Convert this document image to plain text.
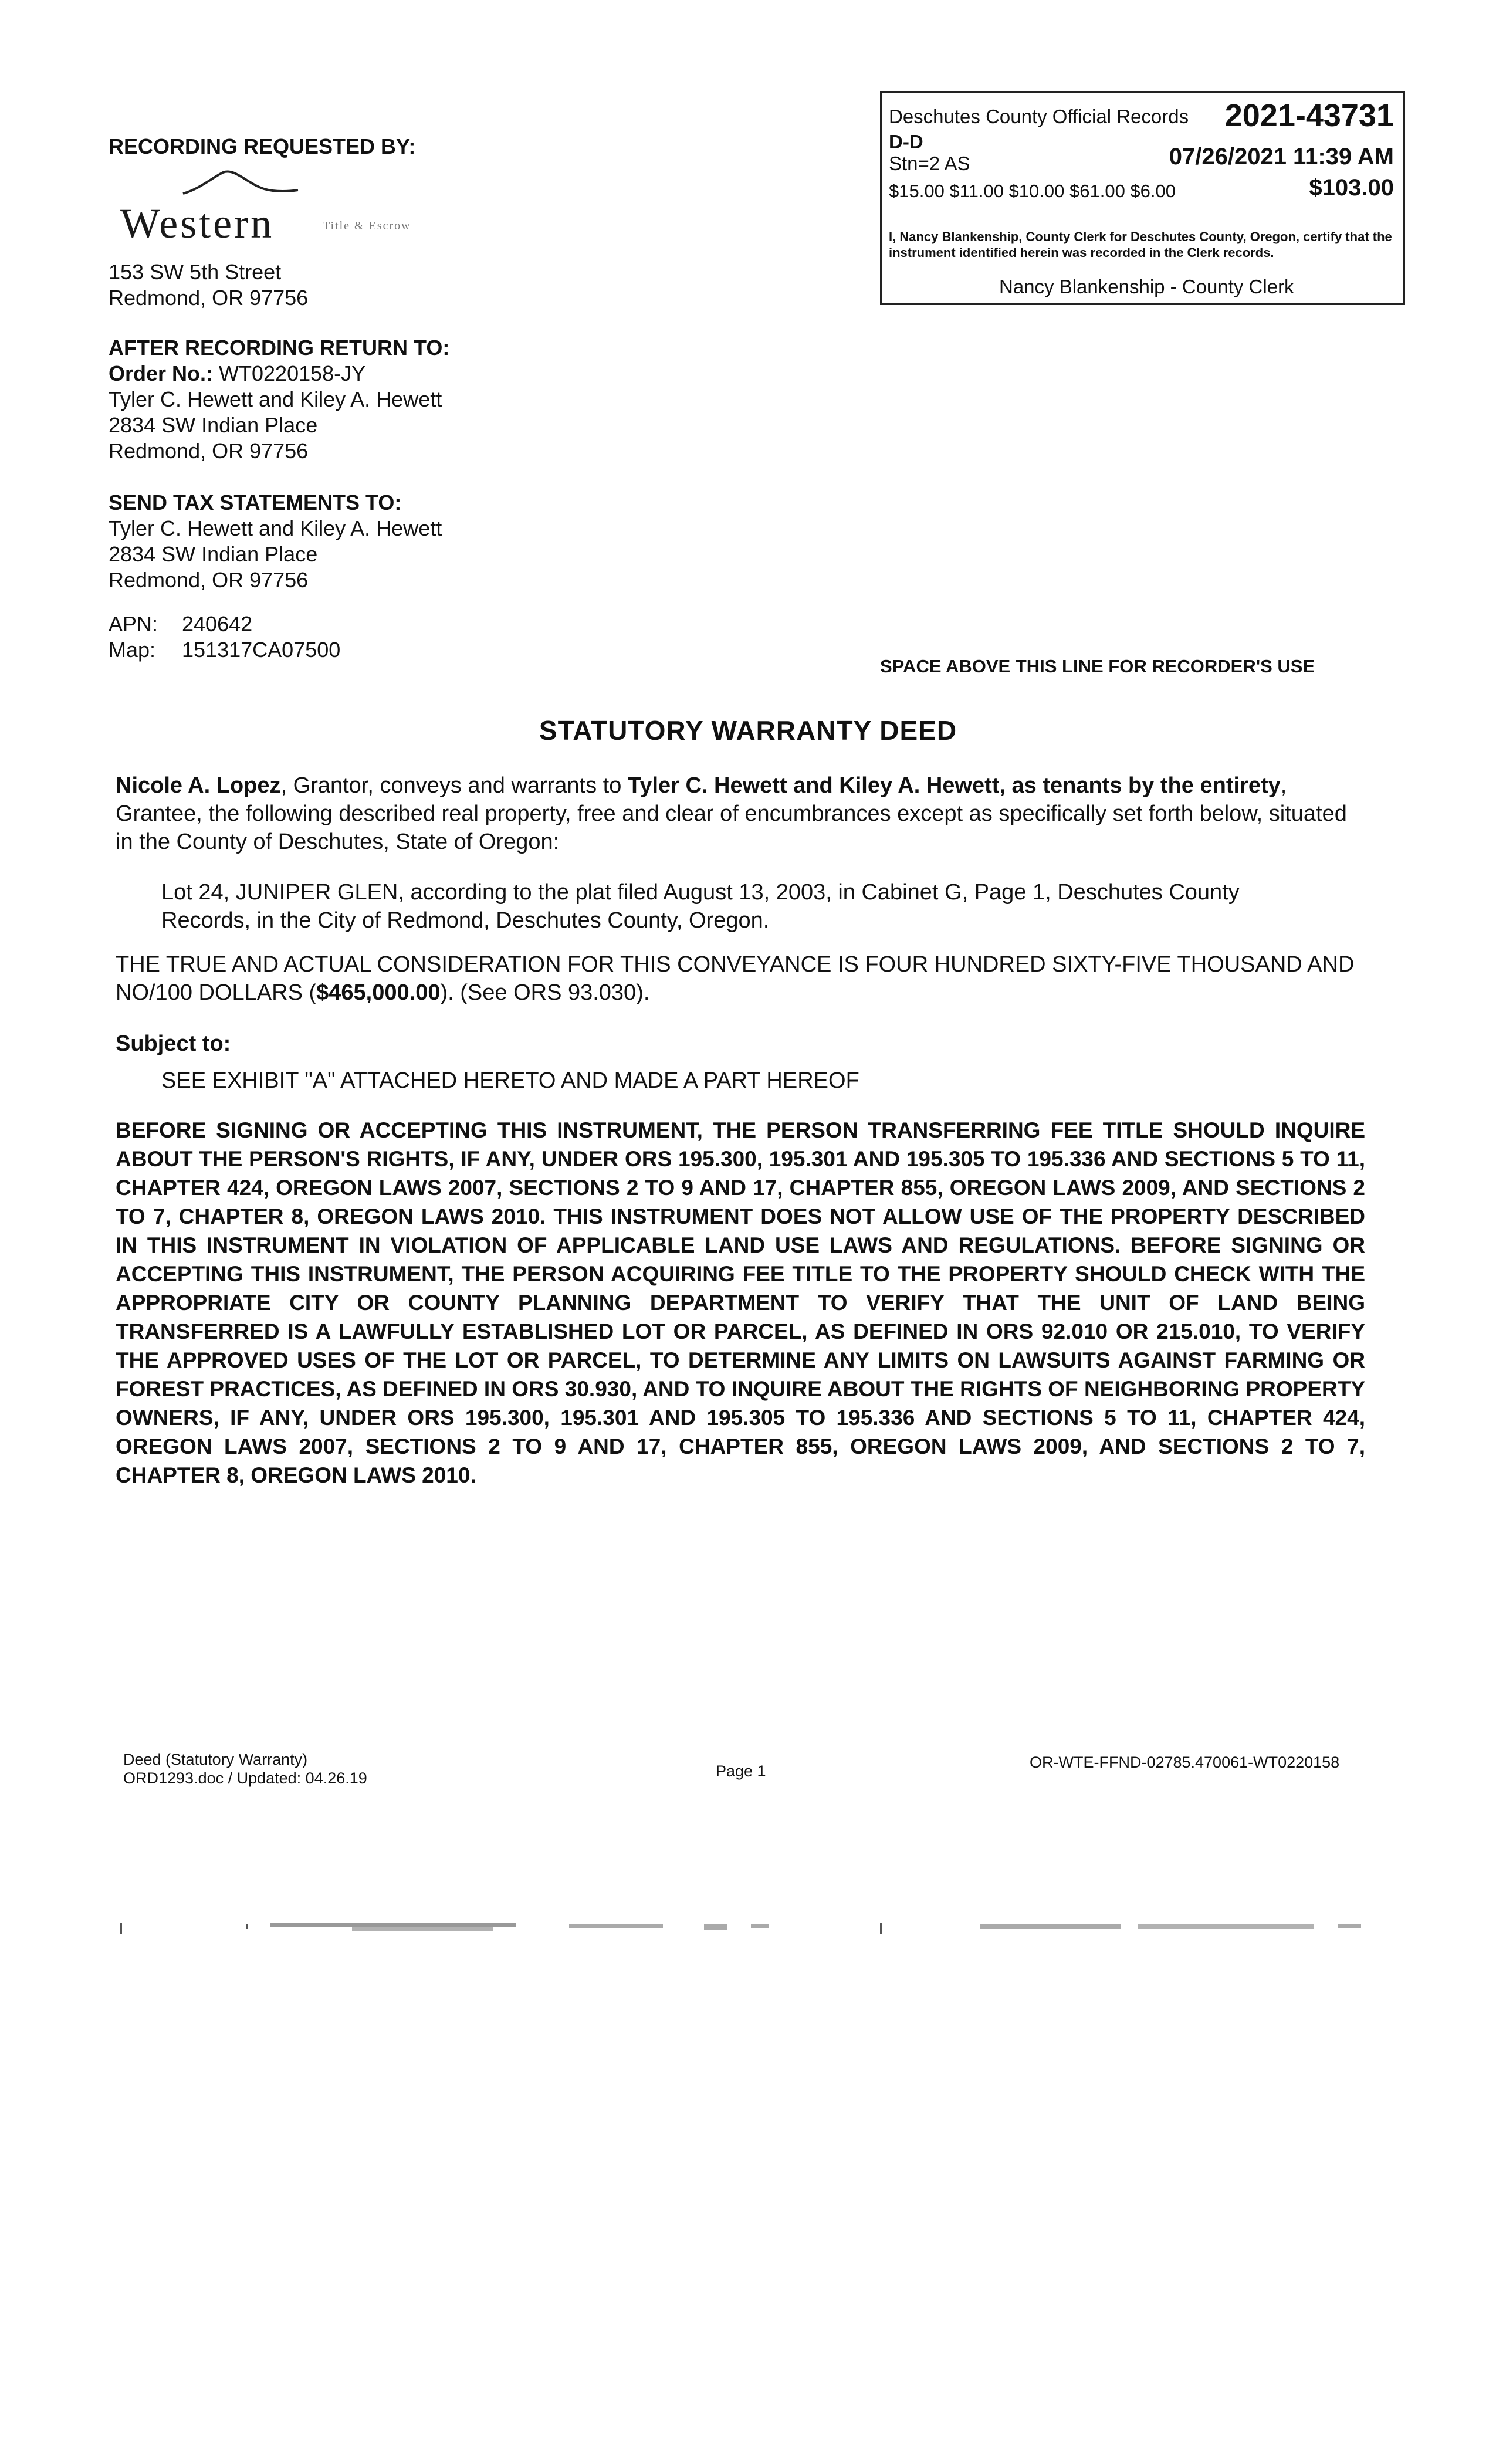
RECORDING REQUESTED BY:
Western	Title & Escrow
153 SW 5th Street
Redmond, OR 97756
AFTER RECORDING RETURN TO:
Order No.: WT0220158-JY
Tyler C. Hewett and Kiley A. Hewett
2834 SW Indian Place
Redmond, OR 97756
SEND TAX STATEMENTS TO:
Tyler C. Hewett and Kiley A. Hewett
2834 SW Indian Place
Redmond, OR 97756
APN: 240642
Map: 151317CA07500
Deschutes County Official Records 2021-43731
D-D
Stn=2 AS	07/26/2021 11:39 AM
$15.00 $11.00 $10.00 $61.00 $6.00	$103.00
I, Nancy Blankenship, County Clerk for Deschutes County, Oregon, certify that the instrument identified herein was recorded in the Clerk records.
Nancy Blankenship - County Clerk
SPACE ABOVE THIS LINE FOR RECORDER'S USE
STATUTORY WARRANTY DEED
Nicole A. Lopez, Grantor, conveys and warrants to Tyler C. Hewett and Kiley A. Hewett, as tenants by the entirety, Grantee, the following described real property, free and clear of encumbrances except as specifically set forth below, situated in the County of Deschutes, State of Oregon:
Lot 24, JUNIPER GLEN, according to the plat filed August 13, 2003, in Cabinet G, Page 1, Deschutes County Records, in the City of Redmond, Deschutes County, Oregon.
THE TRUE AND ACTUAL CONSIDERATION FOR THIS CONVEYANCE IS FOUR HUNDRED SIXTY-FIVE THOUSAND AND NO/100 DOLLARS ($465,000.00). (See ORS 93.030).
Subject to:
SEE EXHIBIT "A" ATTACHED HERETO AND MADE A PART HEREOF
BEFORE SIGNING OR ACCEPTING THIS INSTRUMENT, THE PERSON TRANSFERRING FEE TITLE SHOULD INQUIRE ABOUT THE PERSON'S RIGHTS, IF ANY, UNDER ORS 195.300, 195.301 AND 195.305 TO 195.336 AND SECTIONS 5 TO 11, CHAPTER 424, OREGON LAWS 2007, SECTIONS 2 TO 9 AND 17, CHAPTER 855, OREGON LAWS 2009, AND SECTIONS 2 TO 7, CHAPTER 8, OREGON LAWS 2010. THIS INSTRUMENT DOES NOT ALLOW USE OF THE PROPERTY DESCRIBED IN THIS INSTRUMENT IN VIOLATION OF APPLICABLE LAND USE LAWS AND REGULATIONS. BEFORE SIGNING OR ACCEPTING THIS INSTRUMENT, THE PERSON ACQUIRING FEE TITLE TO THE PROPERTY SHOULD CHECK WITH THE APPROPRIATE CITY OR COUNTY PLANNING DEPARTMENT TO VERIFY THAT THE UNIT OF LAND BEING TRANSFERRED IS A LAWFULLY ESTABLISHED LOT OR PARCEL, AS DEFINED IN ORS 92.010 OR 215.010, TO VERIFY THE APPROVED USES OF THE LOT OR PARCEL, TO DETERMINE ANY LIMITS ON LAWSUITS AGAINST FARMING OR FOREST PRACTICES, AS DEFINED IN ORS 30.930, AND TO INQUIRE ABOUT THE RIGHTS OF NEIGHBORING PROPERTY OWNERS, IF ANY, UNDER ORS 195.300, 195.301 AND 195.305 TO 195.336 AND SECTIONS 5 TO 11, CHAPTER 424, OREGON LAWS 2007, SECTIONS 2 TO 9 AND 17, CHAPTER 855, OREGON LAWS 2009, AND SECTIONS 2 TO 7, CHAPTER 8, OREGON LAWS 2010.
Deed (Statutory Warranty)
ORD1293.doc / Updated: 04.26.19	Page 1	OR-WTE-FFND-02785.470061-WT0220158
